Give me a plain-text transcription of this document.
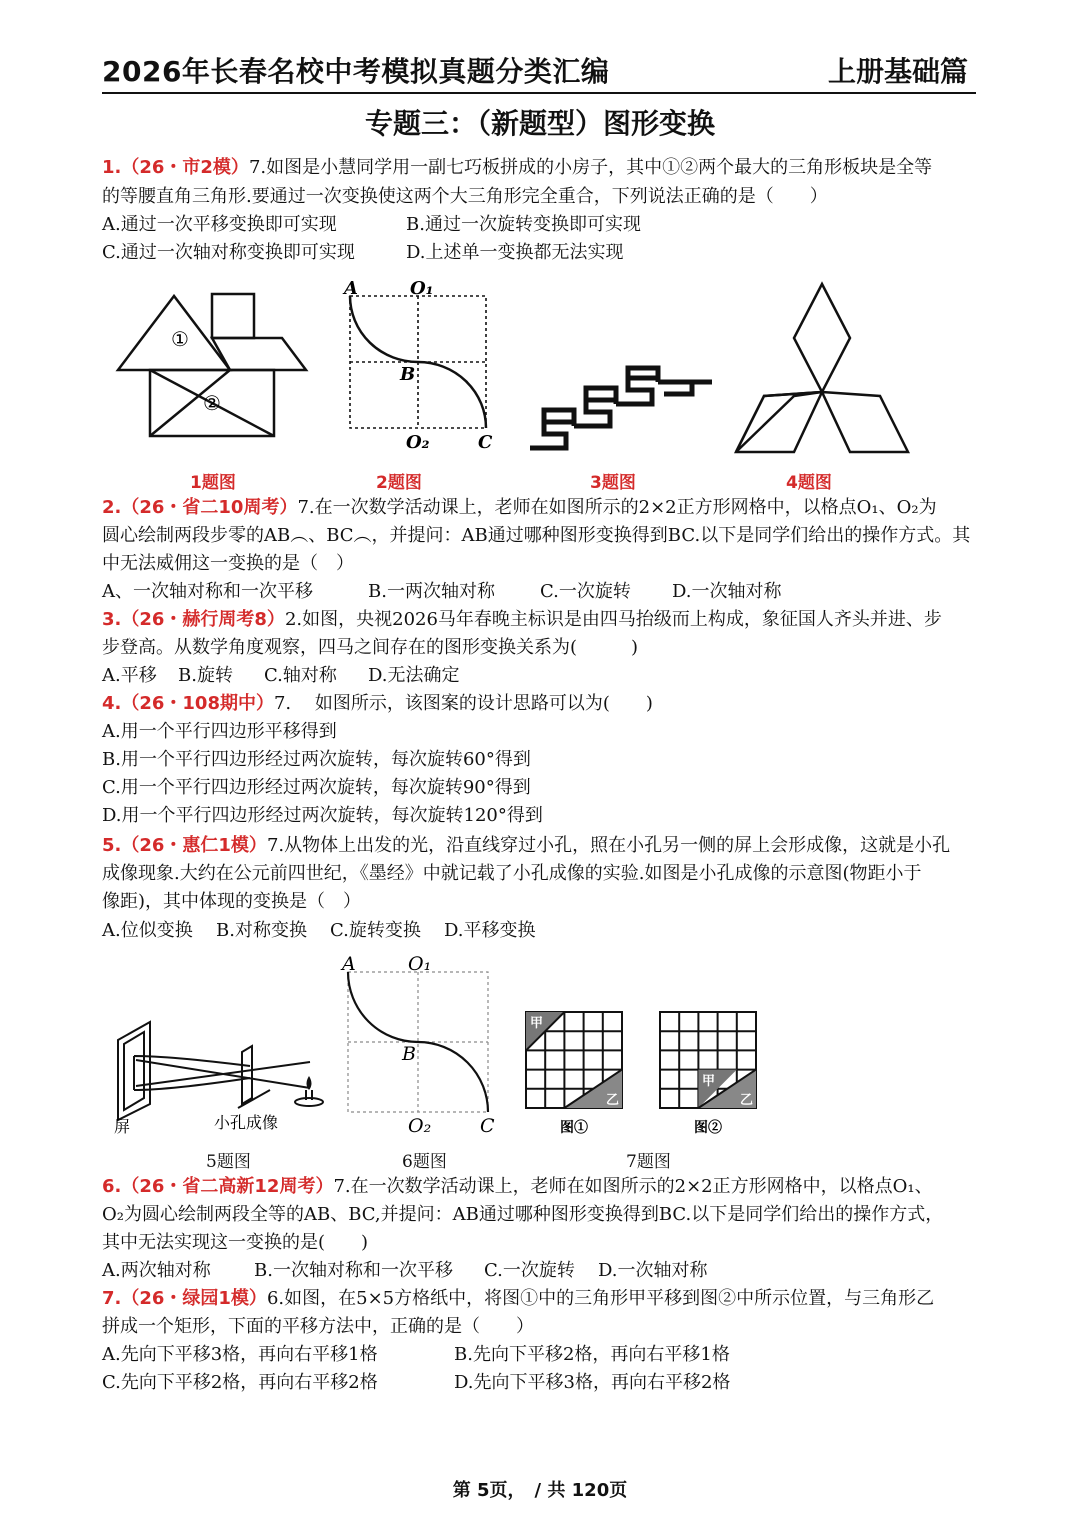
2026年长春名校中考模拟真题分类汇编	上册基础篇
专题三：（新题型）图形变换
1.（26・市2模）7.如图是小慧同学用一副七巧板拼成的小房子，其中①②两个最大的三角形板块是全等
的等腰直角三角形.要通过一次变换使这两个大三角形完全重合，下列说法正确的是（　　）
A.通过一次平移变换即可实现	B.通过一次旋转变换即可实现
C.通过一次轴对称变换即可实现	D.上述单一变换都无法实现
①
②
A	O₁
B
O₂	C
1题图	2题图	3题图	4题图
2.（26・省二10周考）7.在一次数学活动课上，老师在如图所示的2×2正方形网格中，以格点O₁、O₂为
圆心绘制两段步零的AB︵、BC︵，并提问：AB通过哪种图形变换得到BC.以下是同学们给出的操作方式。其
中无法威佣这一变换的是（　）
A、一次轴对称和一次平移	B.一两次轴对称	C.一次旋转 D.一次轴对称
3.（26・赫行周考8）2.如图，央视2026马年春晚主标识是由四马抬级而上构成，象征国人齐头并进、步
步登高。从数学角度观察，四马之间存在的图形变换关系为(　　　)
A.平移 B.旋转 C.轴对称 D.无法确定
4.（26・108期中）7.　 如图所示，该图案的设计思路可以为(　　)
A.用一个平行四边形平移得到
B.用一个平行四边形经过两次旋转，每次旋转60°得到
C.用一个平行四边形经过两次旋转，每次旋转90°得到
D.用一个平行四边形经过两次旋转，每次旋转120°得到
5.（26・惠仁1模）7.从物体上出发的光，沿直线穿过小孔，照在小孔另一侧的屏上会形成像，这就是小孔
成像现象.大约在公元前四世纪，《墨经》中就记载了小孔成像的实验.如图是小孔成像的示意图(物距小于
像距)，其中体现的变换是（　）
A.位似变换 B.对称变换 C.旋转变换 D.平移变换
屏	小孔成像
A	O₁
B
O₂	C
甲
乙
图①
甲
乙
图②
5题图	6题图	7题图
6.（26・省二高新12周考）7.在一次数学活动课上，老师在如图所示的2×2正方形网格中，以格点O₁、
O₂为圆心绘制两段全等的AB、BC,并提问：AB通过哪种图形变换得到BC.以下是同学们给出的操作方式，
其中无法实现这一变换的是(　　)
A.两次轴对称 B.一次轴对称和一次平移 C.一次旋转 D.一次轴对称
7.（26・绿园1模）6.如图，在5×5方格纸中，将图①中的三角形甲平移到图②中所示位置，与三角形乙
拼成一个矩形，下面的平移方法中，正确的是（　　）
A.先向下平移3格，再向右平移1格	B.先向下平移2格，再向右平移1格
C.先向下平移2格，再向右平移2格	D.先向下平移3格，再向右平移2格
第 5页，　/ 共 120页
